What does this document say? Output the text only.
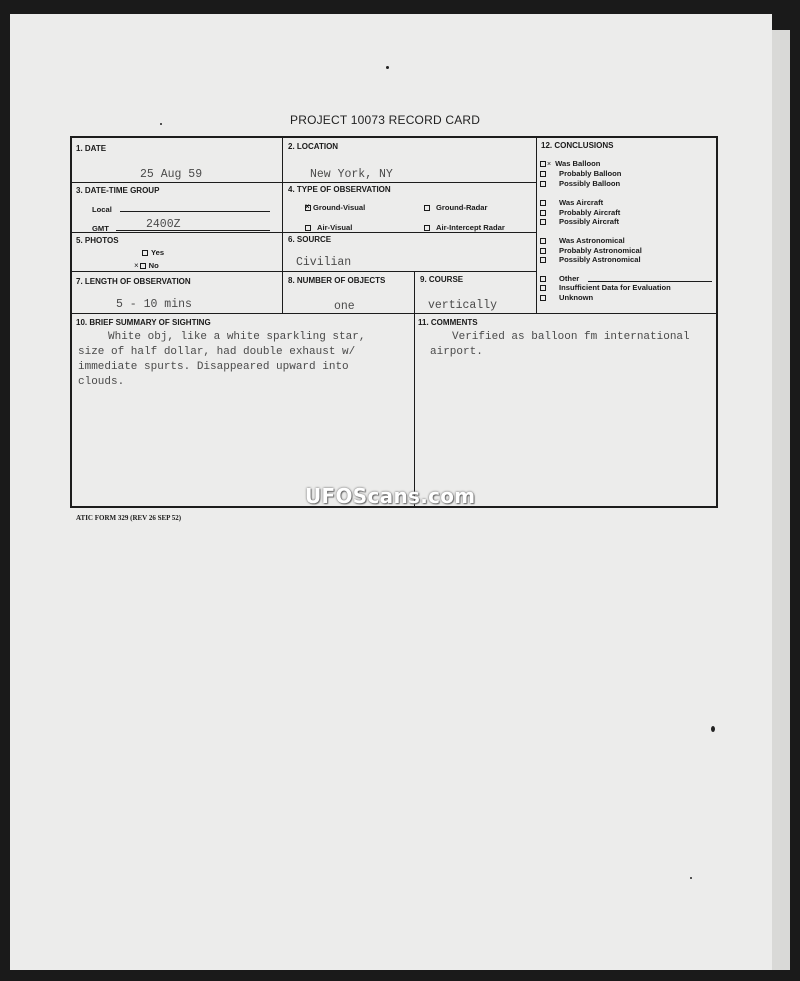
PROJECT 10073 RECORD CARD
1. DATE
25 Aug 59
2. LOCATION
New York, NY
3. DATE-TIME GROUP
Local
GMT	2400Z
4. TYPE OF OBSERVATION
× Ground-Visual	Ground-Radar
Air-Visual	Air-Intercept Radar
5. PHOTOS
Yes
× No
6. SOURCE
Civilian
7. LENGTH OF OBSERVATION
5 - 10 mins
8. NUMBER OF OBJECTS
one
9. COURSE
vertically
10. BRIEF SUMMARY OF SIGHTING
White obj, like a white sparkling star,
size of half dollar, had double exhaust w/
immediate spurts. Disappeared upward into
clouds.
11. COMMENTS
Verified as balloon fm international
airport.
12. CONCLUSIONS
× Was Balloon
Probably Balloon
Possibly Balloon
Was Aircraft
Probably Aircraft
Possibly Aircraft
Was Astronomical
Probably Astronomical
Possibly Astronomical
Other
Insufficient Data for Evaluation
Unknown
UFOScans.com
ATIC FORM 329 (REV 26 SEP 52)
